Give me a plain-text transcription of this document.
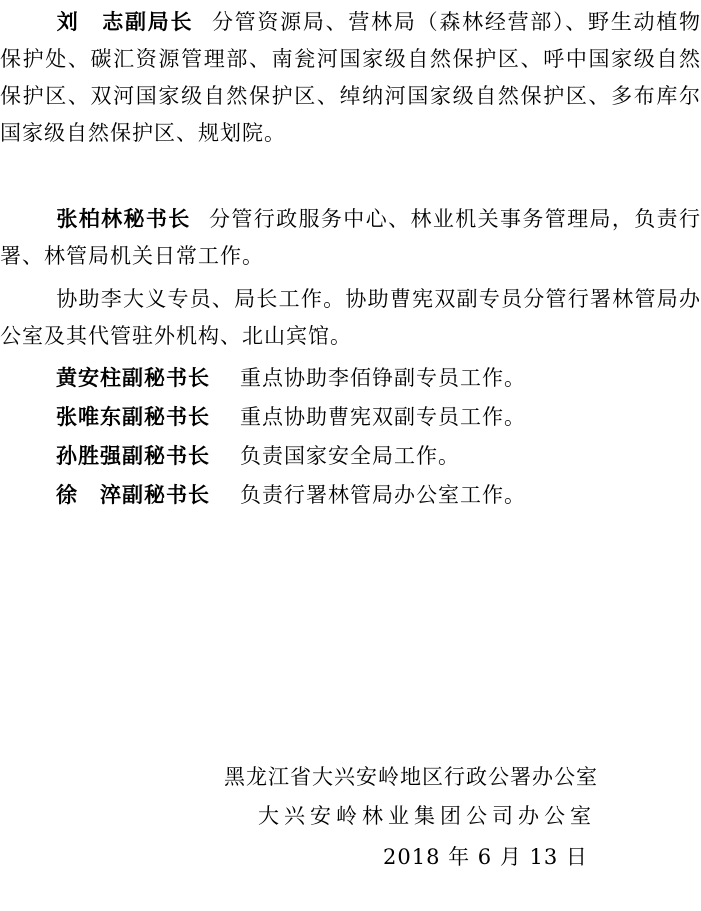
刘　志副局长 分管资源局、营林局（森林经营部）、野生动植物保护处、碳汇资源管理部、南瓮河国家级自然保护区、呼中国家级自然保护区、双河国家级自然保护区、绰纳河国家级自然保护区、多布库尔国家级自然保护区、规划院。
张柏林秘书长 分管行政服务中心、林业机关事务管理局，负责行署、林管局机关日常工作。
协助李大义专员、局长工作。协助曹宪双副专员分管行署林管局办公室及其代管驻外机构、北山宾馆。
黄安柱副秘书长 重点协助李佰铮副专员工作。
张唯东副秘书长 重点协助曹宪双副专员工作。
孙胜强副秘书长 负责国家安全局工作。
徐　淬副秘书长 负责行署林管局办公室工作。
黑龙江省大兴安岭地区行政公署办公室
大兴安岭林业集团公司办公室
2018 年 6 月 13 日
